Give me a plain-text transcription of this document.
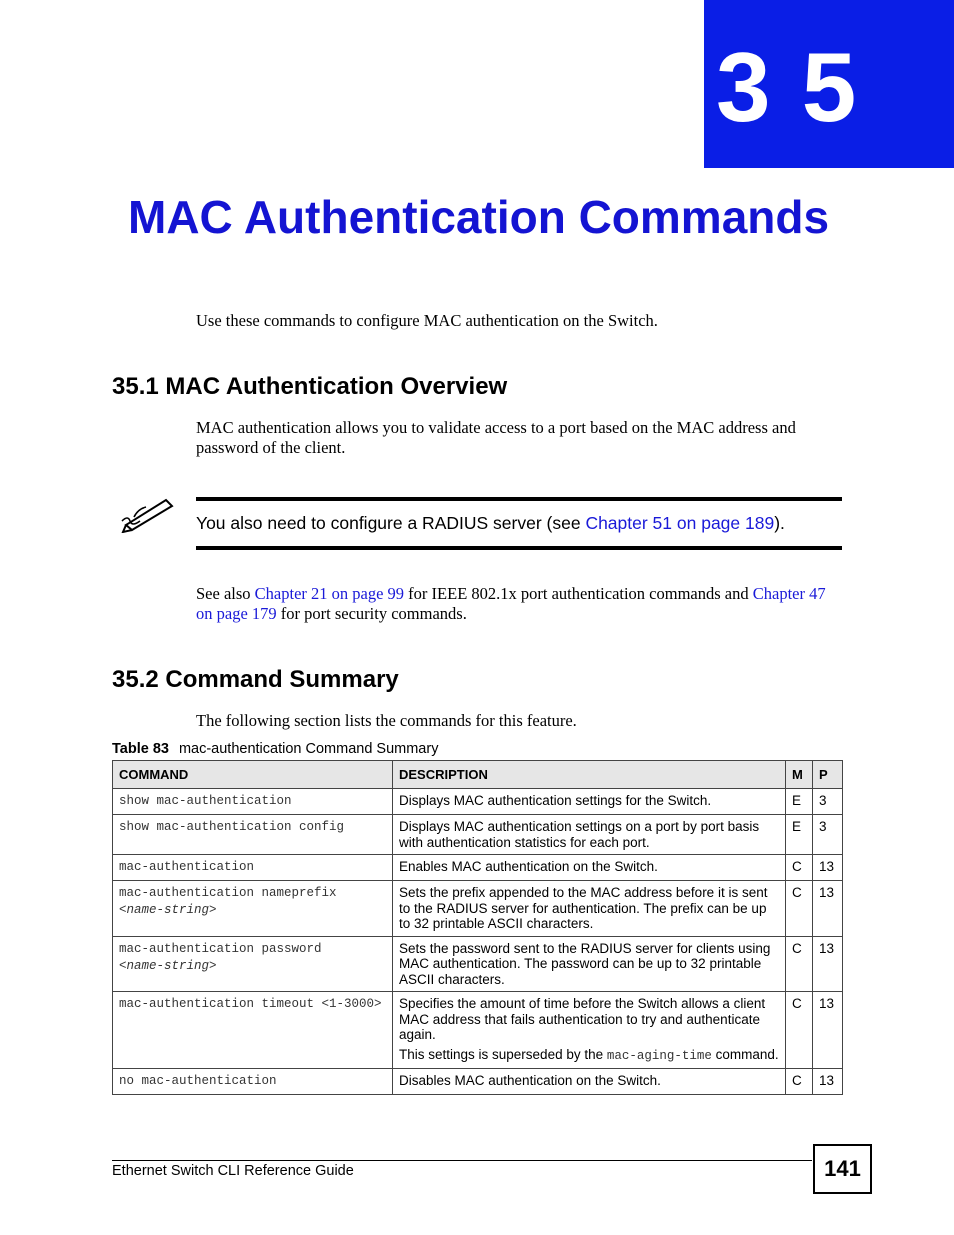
3 5
MAC Authentication Commands

Use these commands to configure MAC authentication on the Switch.

35.1 MAC Authentication Overview

MAC authentication allows you to validate access to a port based on the MAC address and password of the client.

You also need to configure a RADIUS server (see Chapter 51 on page 189).

See also Chapter 21 on page 99 for IEEE 802.1x port authentication commands and Chapter 47 on page 179 for port security commands.

35.2 Command Summary

The following section lists the commands for this feature.

Table 83 mac-authentication Command Summary

COMMAND	DESCRIPTION	M	P
show mac-authentication	Displays MAC authentication settings for the Switch.	E	3
show mac-authentication config	Displays MAC authentication settings on a port by port basis with authentication statistics for each port.	E	3
mac-authentication	Enables MAC authentication on the Switch.	C	13
mac-authentication nameprefix
<name-string>	Sets the prefix appended to the MAC address before it is sent to the RADIUS server for authentication. The prefix can be up to 32 printable ASCII characters.	C	13
mac-authentication password
<name-string>	Sets the password sent to the RADIUS server for clients using MAC authentication. The password can be up to 32 printable ASCII characters.	C	13
mac-authentication timeout <1-3000>	Specifies the amount of time before the Switch allows a client MAC address that fails authentication to try and authenticate again.
This settings is superseded by the mac-aging-time command.	C	13
no mac-authentication	Disables MAC authentication on the Switch.	C	13

Ethernet Switch CLI Reference Guide	141
